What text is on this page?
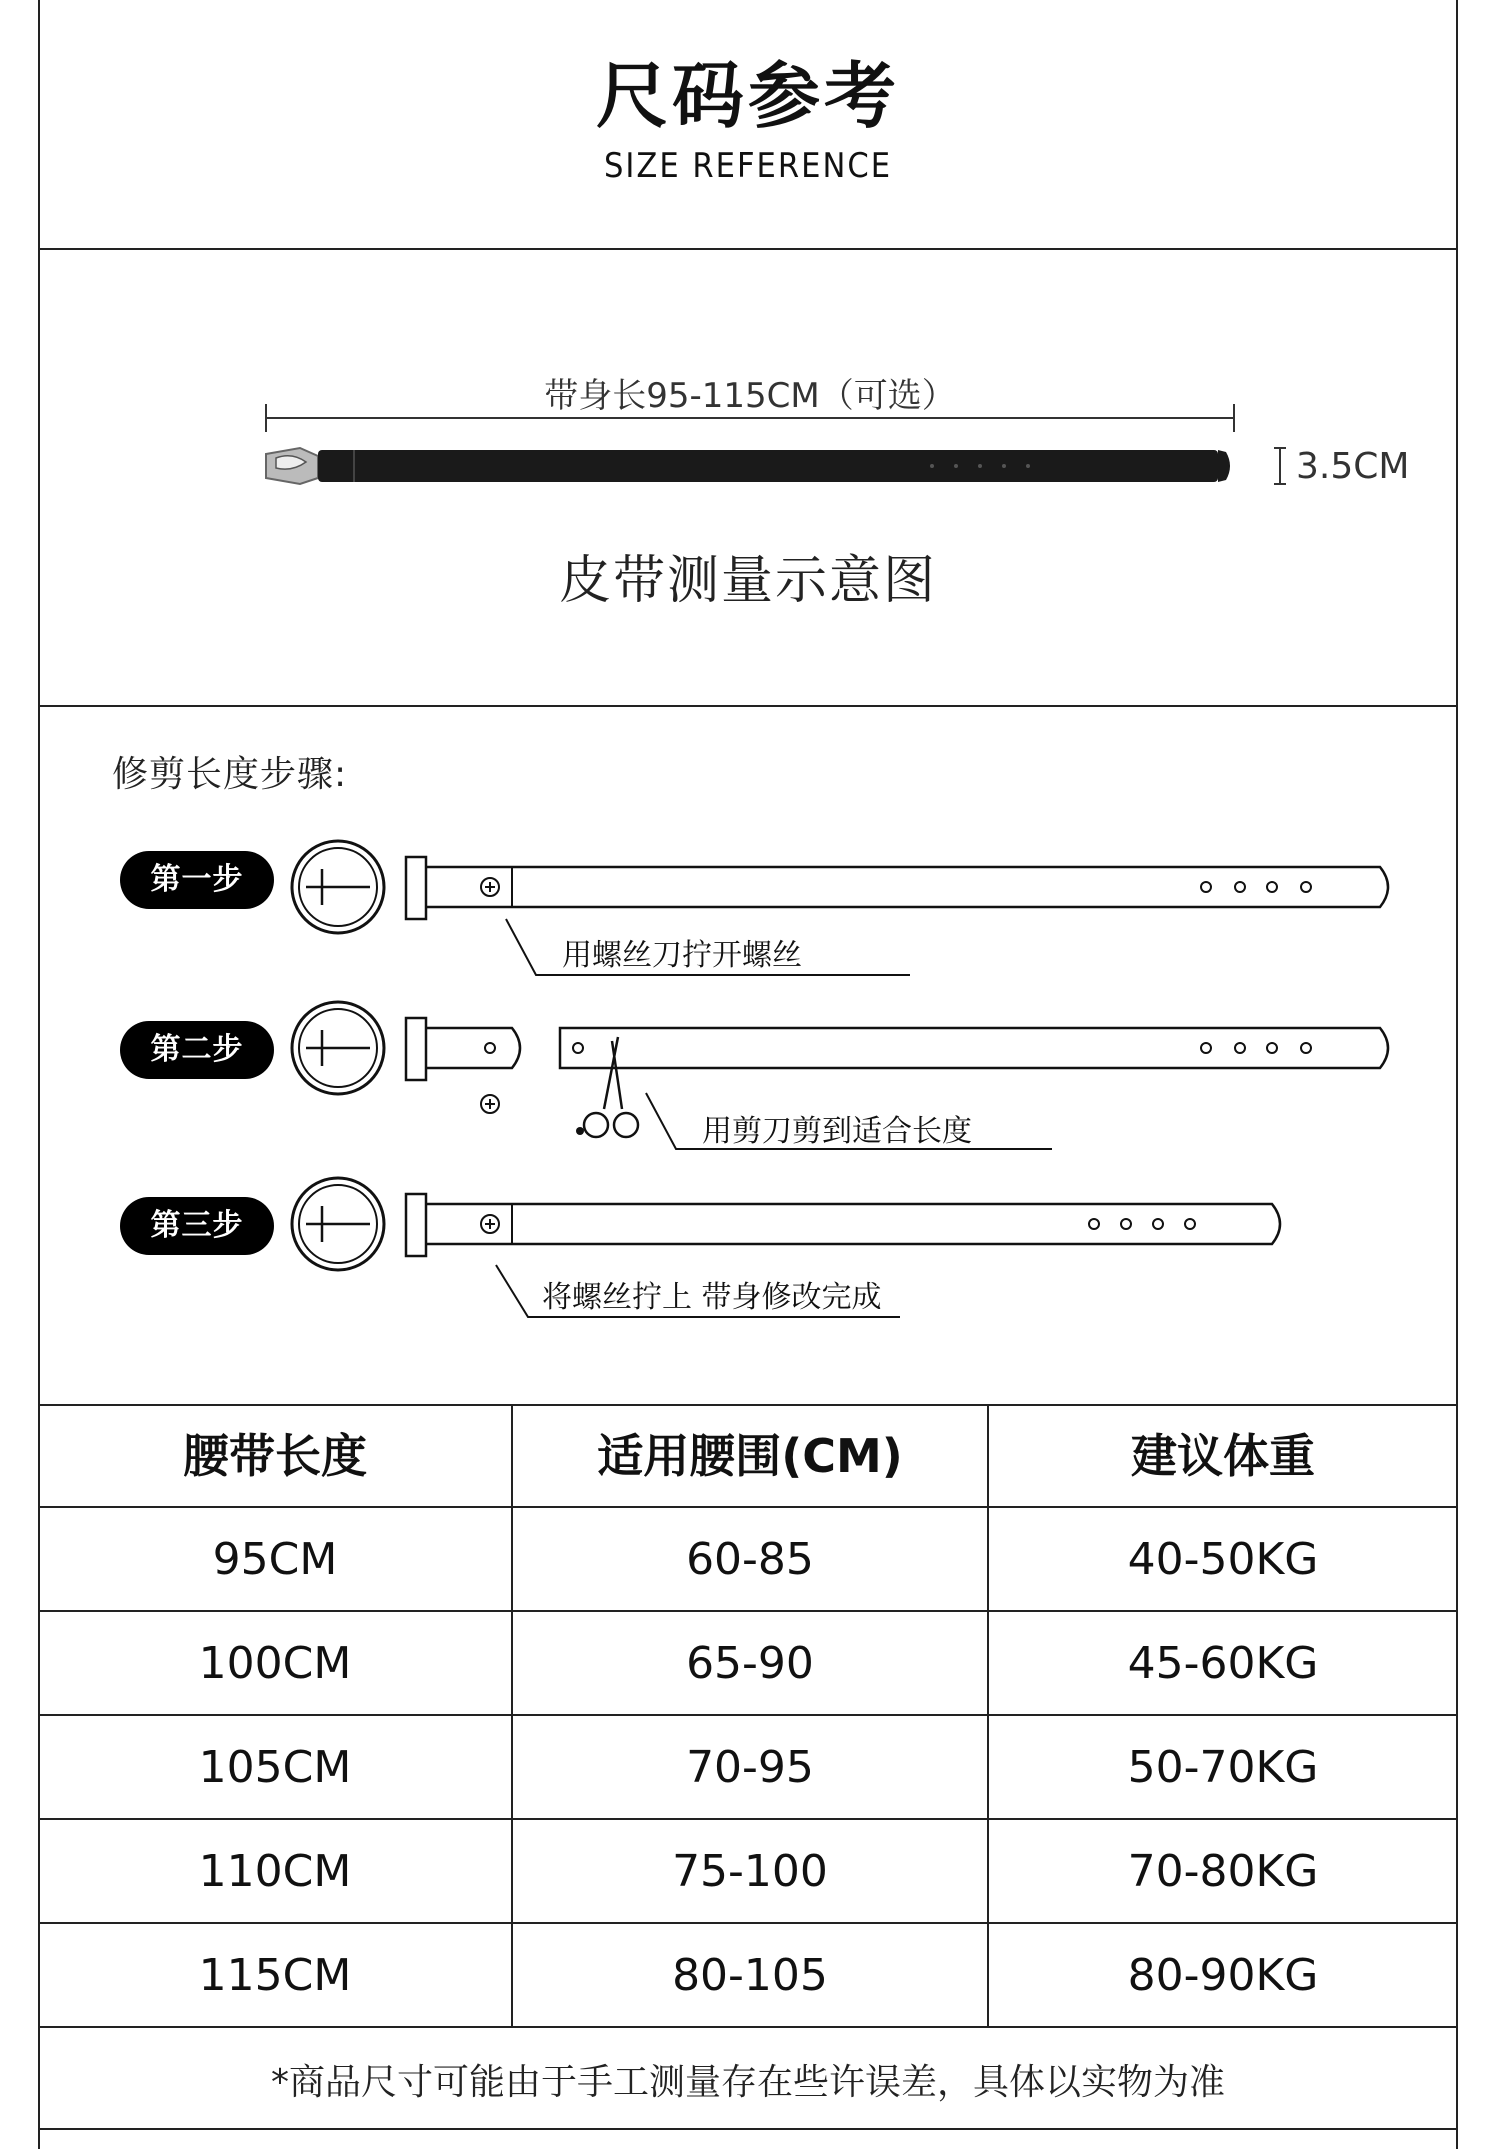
尺码参考
SIZE REFERENCE
带身长95-115CM（可选）
3.5CM
皮带测量示意图
修剪长度步骤:
第一步
第二步
第三步
用螺丝刀拧开螺丝
用剪刀剪到适合长度
将螺丝拧上 带身修改完成
腰带长度	适用腰围(CM)	建议体重
95CM	60-85	40-50KG
100CM	65-90	45-60KG
105CM	70-95	50-70KG
110CM	75-100	70-80KG
115CM	80-105	80-90KG
*商品尺寸可能由于手工测量存在些许误差，具体以实物为准
